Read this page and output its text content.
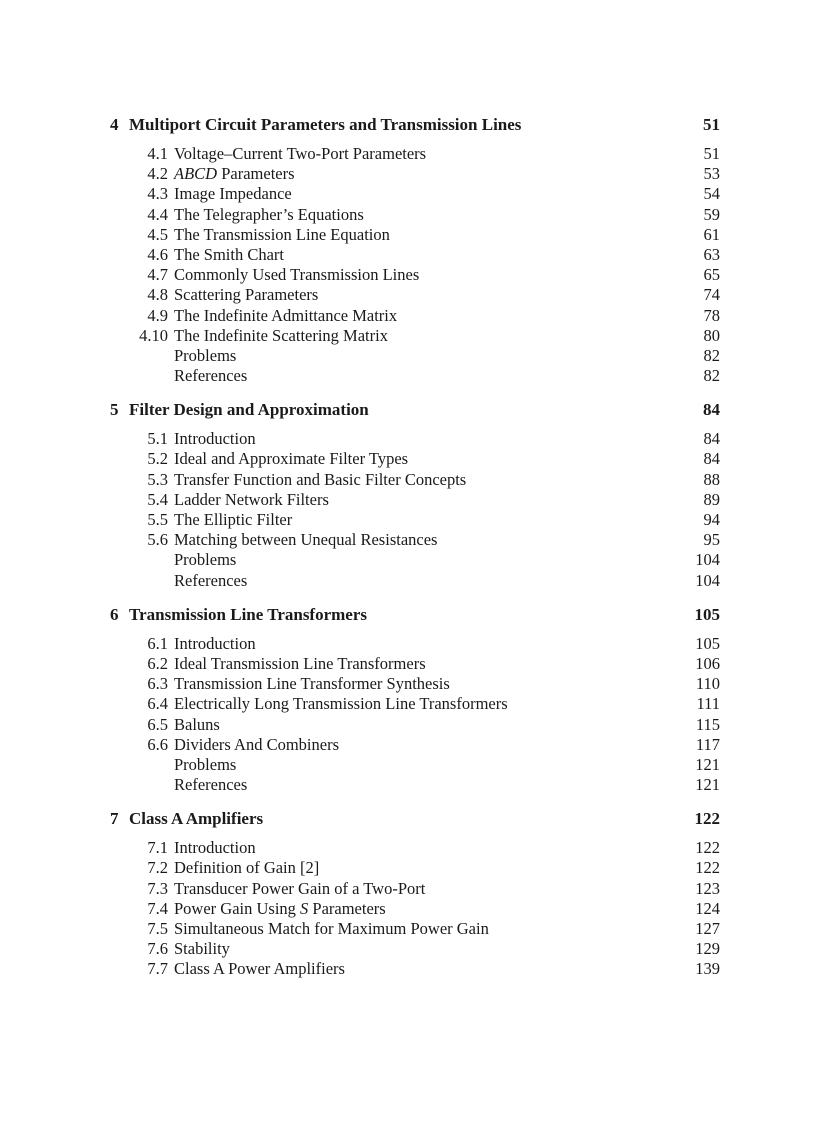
4 Multiport Circuit Parameters and Transmission Lines	51
4.1 Voltage–Current Two-Port Parameters	51
4.2 ABCD Parameters	53
4.3 Image Impedance	54
4.4 The Telegrapher’s Equations	59
4.5 The Transmission Line Equation	61
4.6 The Smith Chart	63
4.7 Commonly Used Transmission Lines	65
4.8 Scattering Parameters	74
4.9 The Indefinite Admittance Matrix	78
4.10 The Indefinite Scattering Matrix	80
Problems	82
References	82
5 Filter Design and Approximation	84
5.1 Introduction	84
5.2 Ideal and Approximate Filter Types	84
5.3 Transfer Function and Basic Filter Concepts	88
5.4 Ladder Network Filters	89
5.5 The Elliptic Filter	94
5.6 Matching between Unequal Resistances	95
Problems	104
References	104
6 Transmission Line Transformers	105
6.1 Introduction	105
6.2 Ideal Transmission Line Transformers	106
6.3 Transmission Line Transformer Synthesis	110
6.4 Electrically Long Transmission Line Transformers	111
6.5 Baluns	115
6.6 Dividers And Combiners	117
Problems	121
References	121
7 Class A Amplifiers	122
7.1 Introduction	122
7.2 Definition of Gain [2]	122
7.3 Transducer Power Gain of a Two-Port	123
7.4 Power Gain Using S Parameters	124
7.5 Simultaneous Match for Maximum Power Gain	127
7.6 Stability	129
7.7 Class A Power Amplifiers	139
